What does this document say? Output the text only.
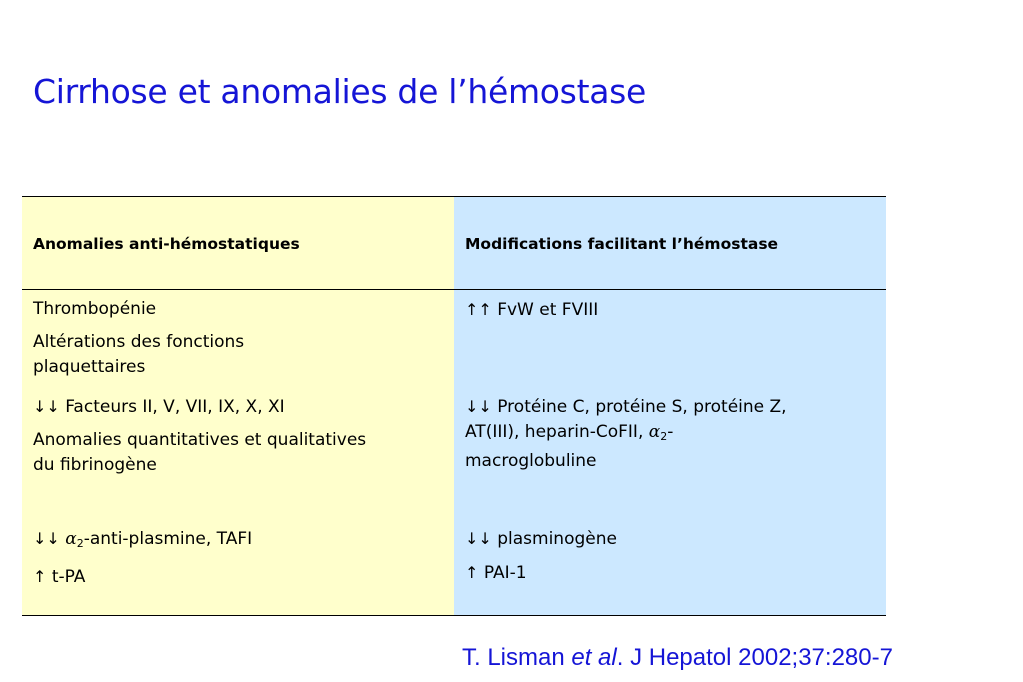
Cirrhose et anomalies de l’hémostase
Anomalies anti-hémostatiques	Modifications facilitant l’hémostase
Thrombopénie
Altérations des fonctions
plaquettaires
↓↓ Facteurs II, V, VII, IX, X, XI
Anomalies quantitatives et qualitatives
du fibrinogène
↓↓ $\alpha_2-anti$-plasmine, TAFI
↑ t-PA
↑↑ FvW et FVIII
↓↓ Protéine C, protéine S, protéine Z,
AT(III), heparin-CoFII, $\alpha_2-$
macroglobuline
↓↓ plasminogène
↑ PAI-1
T. Lisman et al. J Hepatol 2002;37:280-7
